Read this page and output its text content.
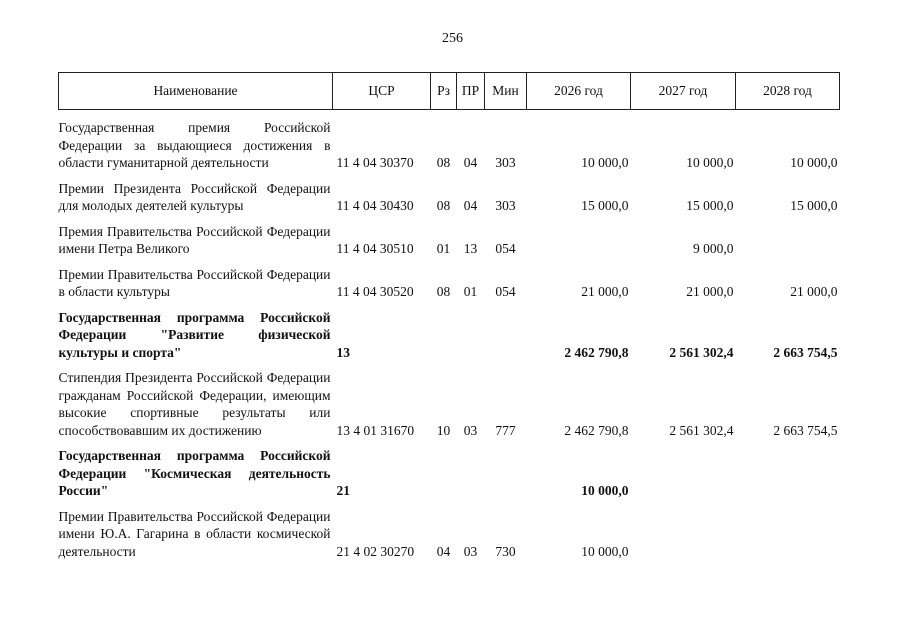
256
Наименование	ЦСР	Рз	ПР	Мин	2026 год	2027 год	2028 год
Государственная премия Российской Федерации за выдающиеся достижения в области гуманитарной деятельности	11 4 04 30370	08	04	303	10 000,0	10 000,0	10 000,0
Премии Президента Российской Федерации для молодых деятелей культуры	11 4 04 30430	08	04	303	15 000,0	15 000,0	15 000,0
Премия Правительства Российской Федерации имени Петра Великого	11 4 04 30510	01	13	054		9 000,0	
Премии Правительства Российской Федерации в области культуры	11 4 04 30520	08	01	054	21 000,0	21 000,0	21 000,0
Государственная программа Российской Федерации "Развитие физической культуры и спорта"	13				2 462 790,8	2 561 302,4	2 663 754,5
Стипендия Президента Российской Федерации гражданам Российской Федерации, имеющим высокие спортивные результаты или способствовавшим их достижению	13 4 01 31670	10	03	777	2 462 790,8	2 561 302,4	2 663 754,5
Государственная программа Российской Федерации "Космическая деятельность России"	21				10 000,0		
Премии Правительства Российской Федерации имени Ю.А. Гагарина в области космической деятельности	21 4 02 30270	04	03	730	10 000,0		
